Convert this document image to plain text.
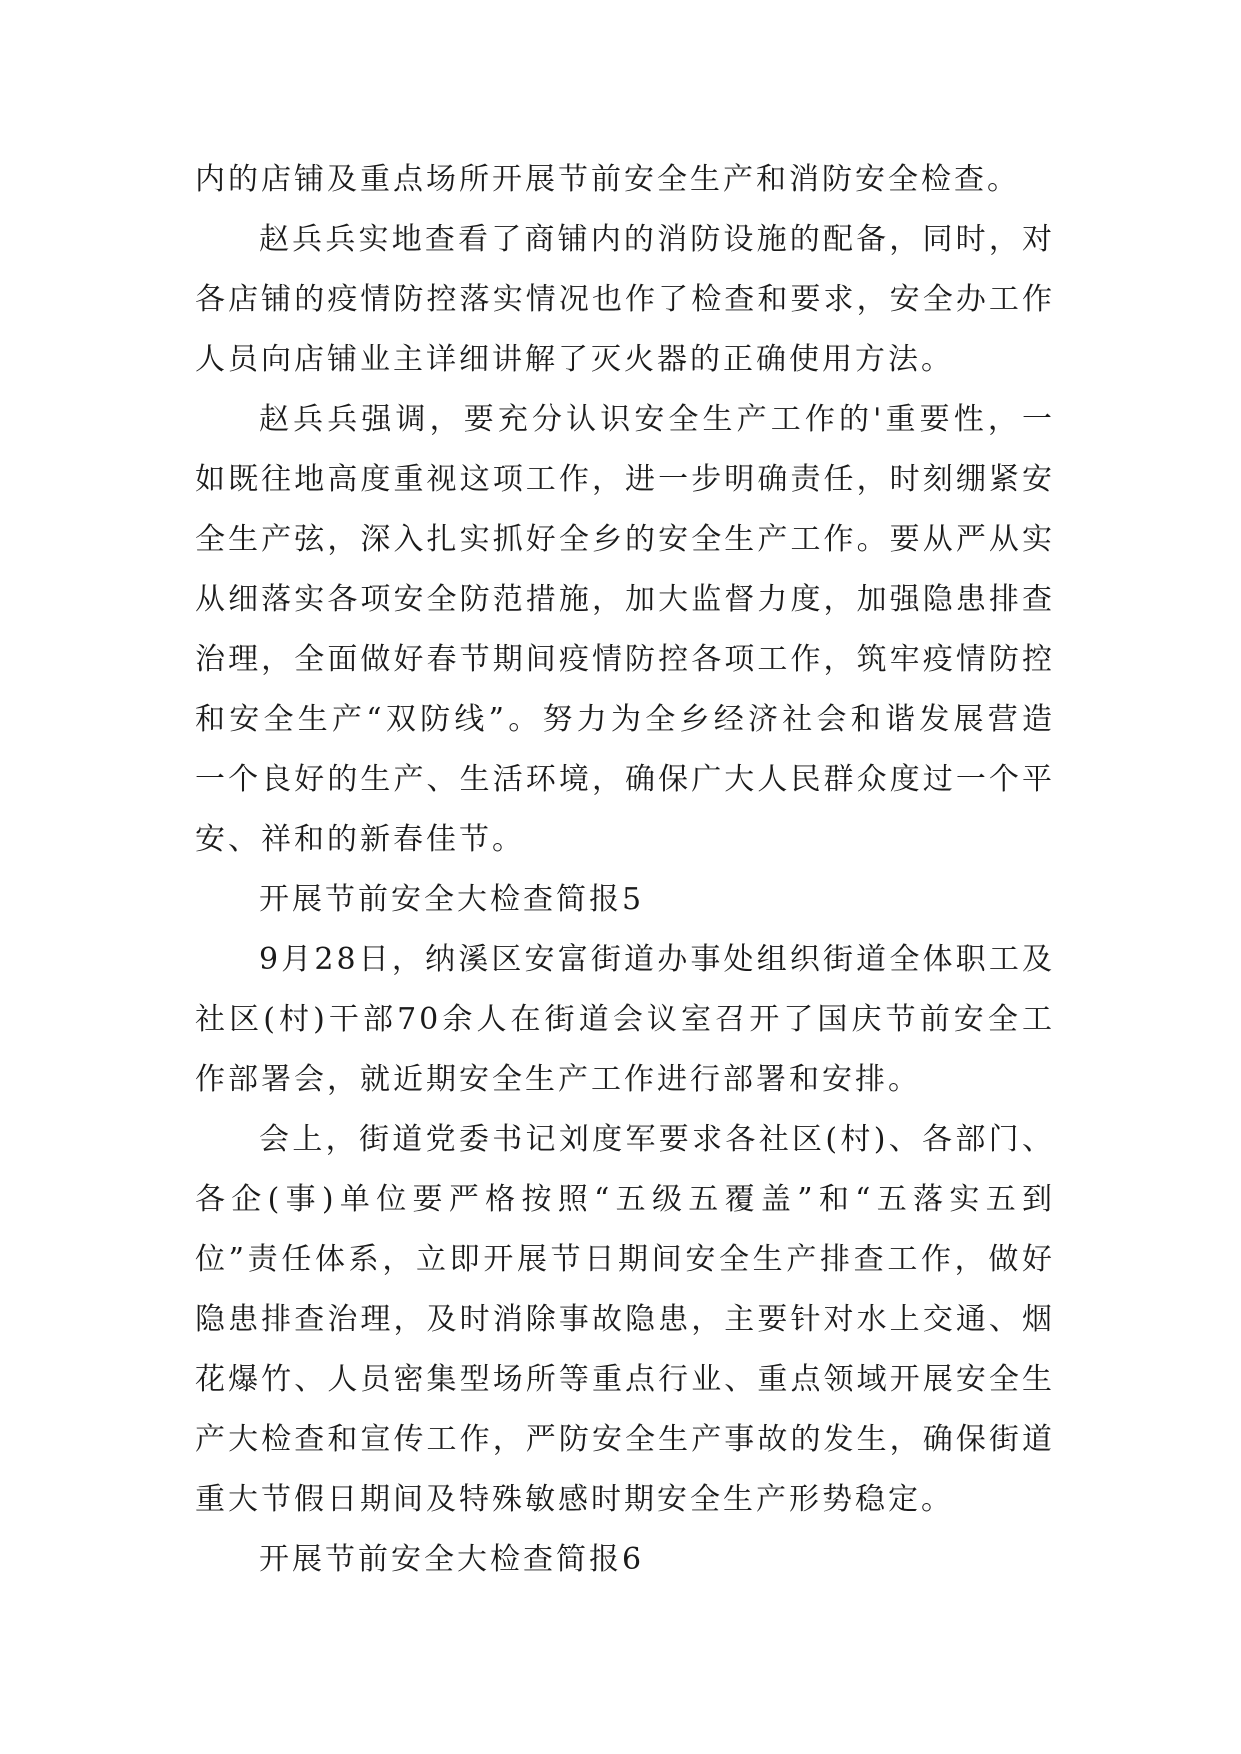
内的店铺及重点场所开展节前安全生产和消防安全检查。

赵兵兵实地查看了商铺内的消防设施的配备，同时，对各店铺的疫情防控落实情况也作了检查和要求，安全办工作人员向店铺业主详细讲解了灭火器的正确使用方法。

赵兵兵强调，要充分认识安全生产工作的'重要性，一如既往地高度重视这项工作，进一步明确责任，时刻绷紧安全生产弦，深入扎实抓好全乡的安全生产工作。要从严从实从细落实各项安全防范措施，加大监督力度，加强隐患排查治理，全面做好春节期间疫情防控各项工作，筑牢疫情防控和安全生产“双防线”。努力为全乡经济社会和谐发展营造一个良好的生产、生活环境，确保广大人民群众度过一个平安、祥和的新春佳节。

开展节前安全大检查简报5

9月28日，纳溪区安富街道办事处组织街道全体职工及社区(村)干部70余人在街道会议室召开了国庆节前安全工作部署会，就近期安全生产工作进行部署和安排。

会上，街道党委书记刘度军要求各社区(村)、各部门、各企(事)单位要严格按照“五级五覆盖”和“五落实五到位”责任体系，立即开展节日期间安全生产排查工作，做好隐患排查治理，及时消除事故隐患，主要针对水上交通、烟花爆竹、人员密集型场所等重点行业、重点领域开展安全生产大检查和宣传工作，严防安全生产事故的发生，确保街道重大节假日期间及特殊敏感时期安全生产形势稳定。

开展节前安全大检查简报6
